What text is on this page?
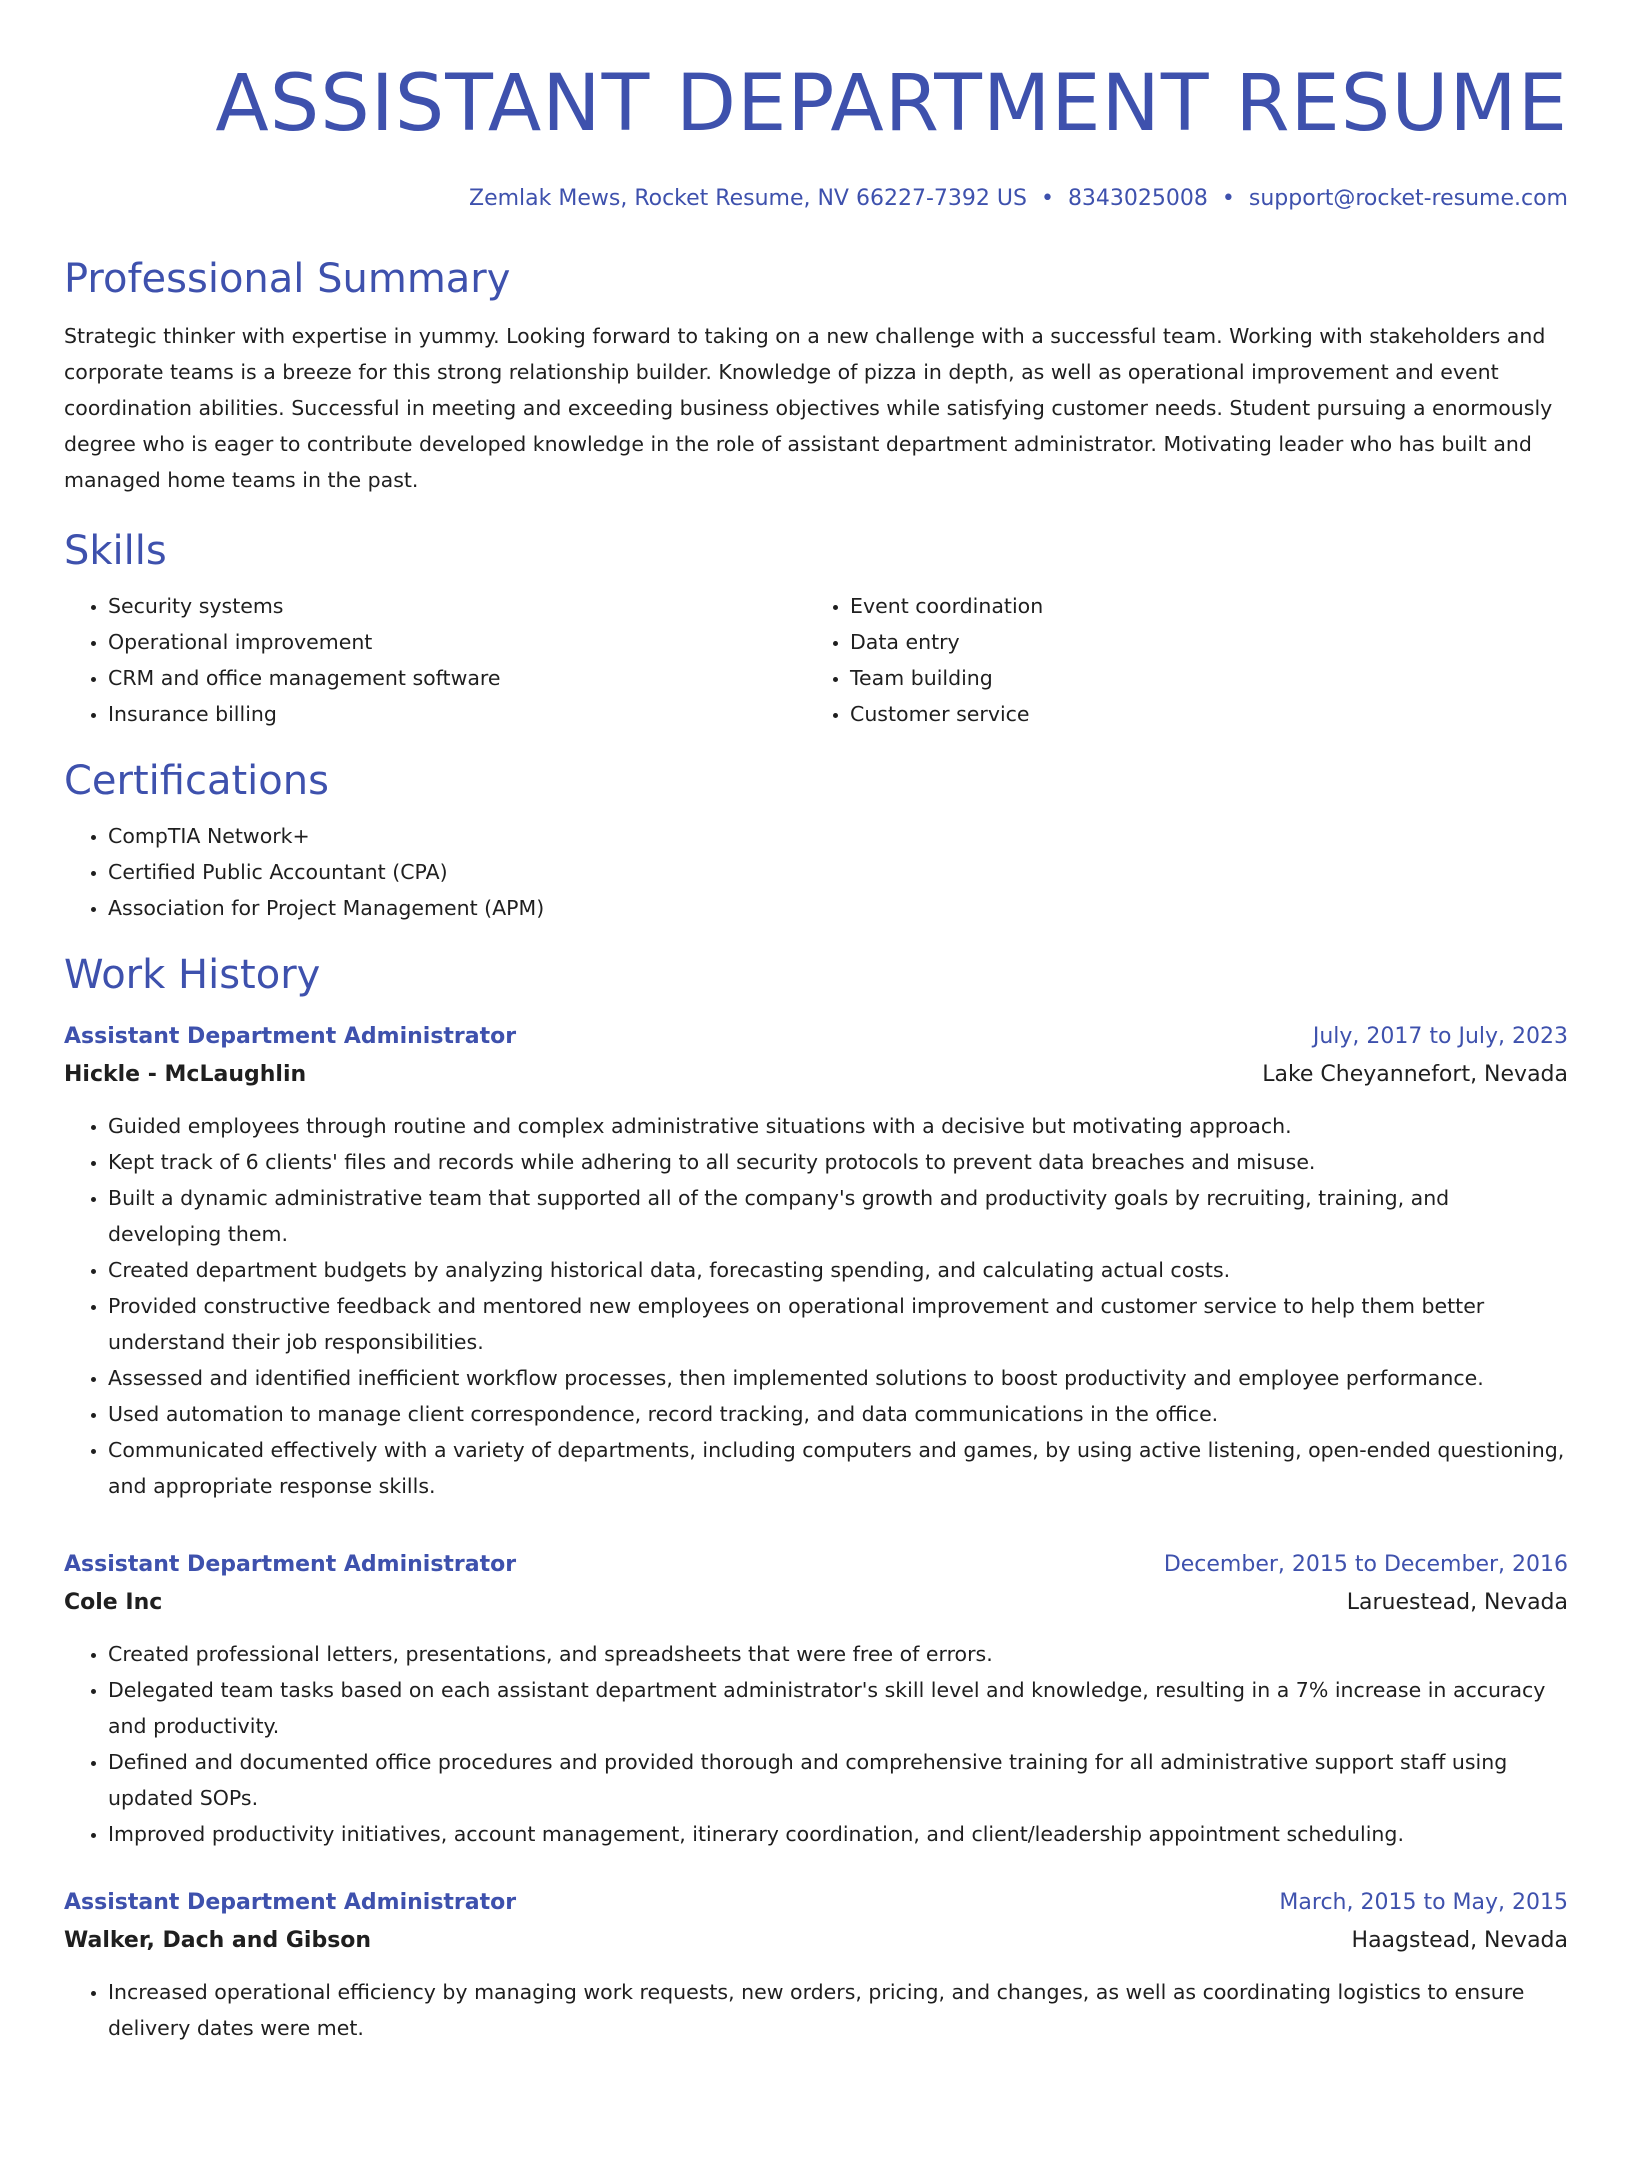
ASSISTANT DEPARTMENT RESUME
Zemlak Mews, Rocket Resume, NV 66227-7392 US • 8343025008 • support@rocket-resume.com
Professional Summary
Strategic thinker with expertise in yummy. Looking forward to taking on a new challenge with a successful team. Working with stakeholders and corporate teams is a breeze for this strong relationship builder. Knowledge of pizza in depth, as well as operational improvement and event coordination abilities. Successful in meeting and exceeding business objectives while satisfying customer needs. Student pursuing a enormously degree who is eager to contribute developed knowledge in the role of assistant department administrator. Motivating leader who has built and managed home teams in the past.
Skills
• Security systems
• Operational improvement
• CRM and office management software
• Insurance billing
• Event coordination
• Data entry
• Team building
• Customer service
Certifications
• CompTIA Network+
• Certified Public Accountant (CPA)
• Association for Project Management (APM)
Work History
Assistant Department Administrator	July, 2017 to July, 2023
Hickle - McLaughlin	Lake Cheyannefort, Nevada
• Guided employees through routine and complex administrative situations with a decisive but motivating approach.
• Kept track of 6 clients' files and records while adhering to all security protocols to prevent data breaches and misuse.
• Built a dynamic administrative team that supported all of the company's growth and productivity goals by recruiting, training, and developing them.
• Created department budgets by analyzing historical data, forecasting spending, and calculating actual costs.
• Provided constructive feedback and mentored new employees on operational improvement and customer service to help them better understand their job responsibilities.
• Assessed and identified inefficient workflow processes, then implemented solutions to boost productivity and employee performance.
• Used automation to manage client correspondence, record tracking, and data communications in the office.
• Communicated effectively with a variety of departments, including computers and games, by using active listening, open-ended questioning, and appropriate response skills.
Assistant Department Administrator	December, 2015 to December, 2016
Cole Inc	Laruestead, Nevada
• Created professional letters, presentations, and spreadsheets that were free of errors.
• Delegated team tasks based on each assistant department administrator's skill level and knowledge, resulting in a 7% increase in accuracy and productivity.
• Defined and documented office procedures and provided thorough and comprehensive training for all administrative support staff using updated SOPs.
• Improved productivity initiatives, account management, itinerary coordination, and client/leadership appointment scheduling.
Assistant Department Administrator	March, 2015 to May, 2015
Walker, Dach and Gibson	Haagstead, Nevada
• Increased operational efficiency by managing work requests, new orders, pricing, and changes, as well as coordinating logistics to ensure delivery dates were met.
